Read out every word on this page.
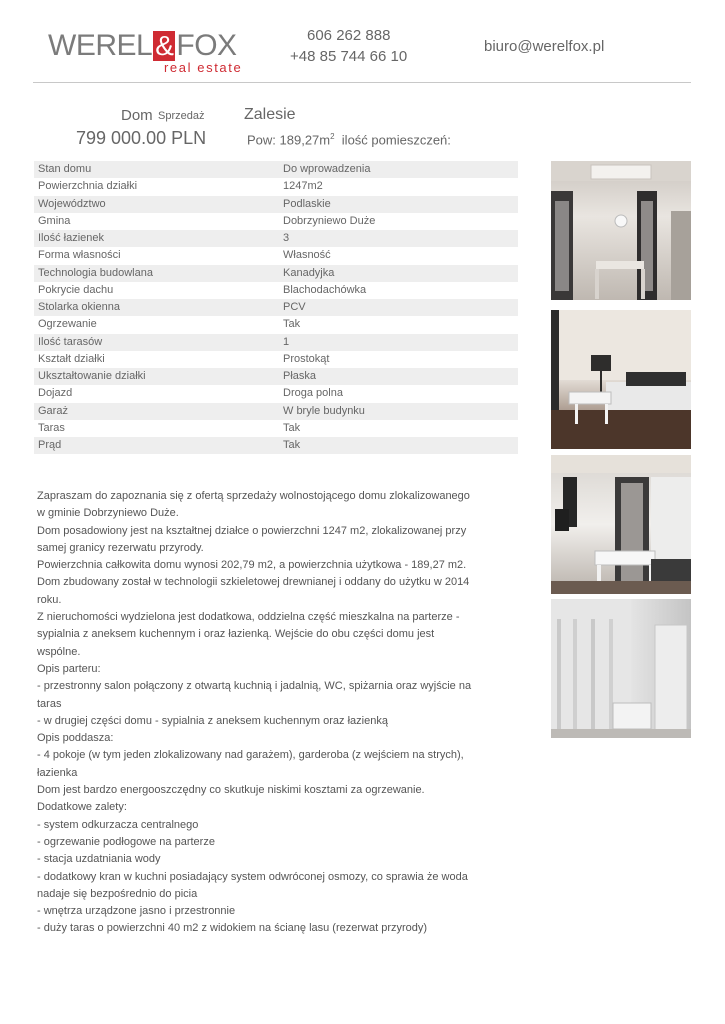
WEREL & FOX
real estate
606 262 888
+48 85 744 66 10
biuro@werelfox.pl
Dom Sprzedaż Zalesie
799 000.00 PLN	Pow: $189,27m^2$ ilość pomieszczeń:
Stan domu	Do wprowadzenia
Powierzchnia działki	1247m2
Województwo	Podlaskie
Gmina	Dobrzyniewo Duże
Ilość łazienek	3
Forma własności	Własność
Technologia budowlana	Kanadyjka
Pokrycie dachu	Blachodachówka
Stolarka okienna	PCV
Ogrzewanie	Tak
Ilość tarasów	1
Kształt działki	Prostokąt
Ukształtowanie działki	Płaska
Dojazd	Droga polna
Garaż	W bryle budynku
Taras	Tak
Prąd	Tak

Zapraszam do zapoznania się z ofertą sprzedaży wolnostojącego domu zlokalizowanego w gminie Dobrzyniewo Duże.

Dom posadowiony jest na kształtnej działce o powierzchni 1247 m2, zlokalizowanej przy samej granicy rezerwatu przyrody.

Powierzchnia całkowita domu wynosi 202,79 m2, a powierzchnia użytkowa - 189,27 m2. Dom zbudowany został w technologii szkieletowej drewnianej i oddany do użytku w 2014 roku.

Z nieruchomości wydzielona jest dodatkowa, oddzielna część mieszkalna na parterze - sypialnia z aneksem kuchennym i oraz łazienką. Wejście do obu części domu jest wspólne.

Opis parteru:

- przestronny salon połączony z otwartą kuchnią i jadalnią, WC, spiżarnia oraz wyjście na taras

- w drugiej części domu - sypialnia z aneksem kuchennym oraz łazienką

Opis poddasza:

- 4 pokoje (w tym jeden zlokalizowany nad garażem), garderoba (z wejściem na strych), łazienka

Dom jest bardzo energooszczędny co skutkuje niskimi kosztami za ogrzewanie.

Dodatkowe zalety:

- system odkurzacza centralnego

- ogrzewanie podłogowe na parterze

- stacja uzdatniania wody

- dodatkowy kran w kuchni posiadający system odwróconej osmozy, co sprawia że woda nadaje się bezpośrednio do picia

- wnętrza urządzone jasno i przestronnie

- duży taras o powierzchni 40 m2 z widokiem na ścianę lasu (rezerwat przyrody)
